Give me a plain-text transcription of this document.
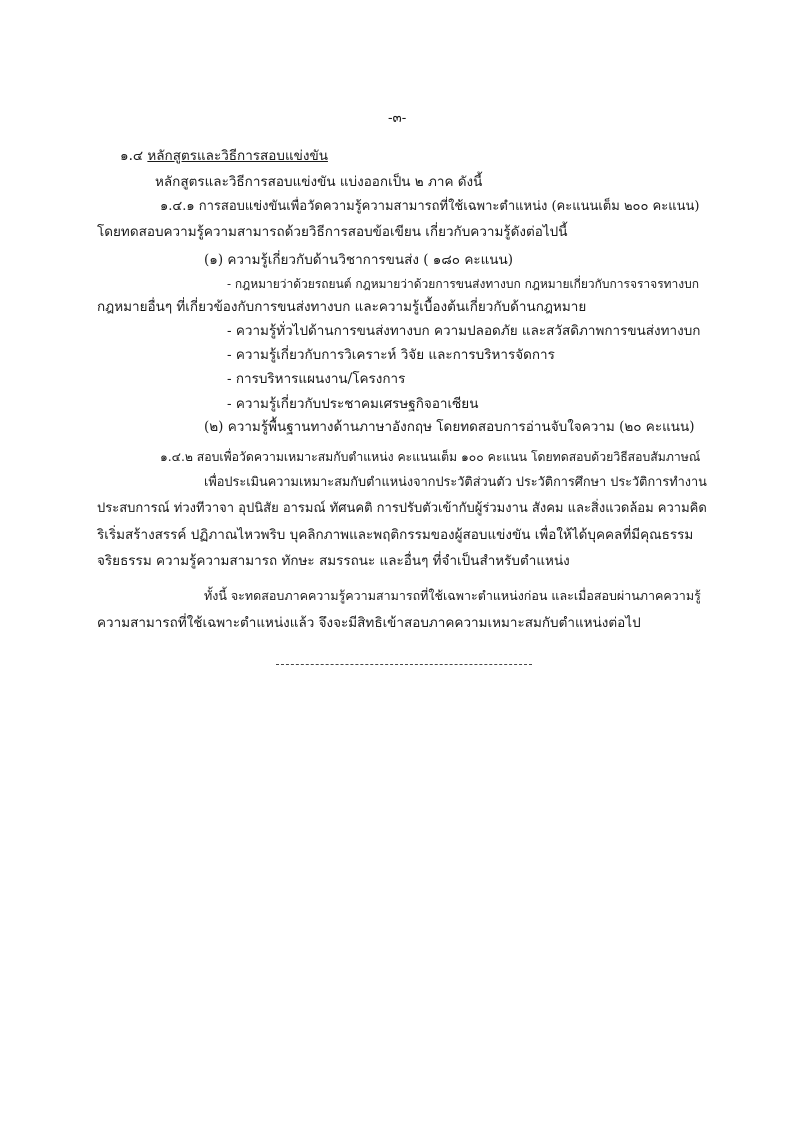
-๓-
๑.๔ หลักสูตรและวิธีการสอบแข่งขัน
หลักสูตรและวิธีการสอบแข่งขัน แบ่งออกเป็น ๒ ภาค ดังนี้
๑.๔.๑ การสอบแข่งขันเพื่อวัดความรู้ความสามารถที่ใช้เฉพาะตำแหน่ง (คะแนนเต็ม ๒๐๐ คะแนน)
โดยทดสอบความรู้ความสามารถด้วยวิธีการสอบข้อเขียน เกี่ยวกับความรู้ดังต่อไปนี้
(๑) ความรู้เกี่ยวกับด้านวิชาการขนส่ง ( ๑๘๐ คะแนน)
- กฎหมายว่าด้วยรถยนต์ กฎหมายว่าด้วยการขนส่งทางบก กฎหมายเกี่ยวกับการจราจรทางบก
กฎหมายอื่นๆ ที่เกี่ยวข้องกับการขนส่งทางบก และความรู้เบื้องต้นเกี่ยวกับด้านกฎหมาย
- ความรู้ทั่วไปด้านการขนส่งทางบก ความปลอดภัย และสวัสดิภาพการขนส่งทางบก
- ความรู้เกี่ยวกับการวิเคราะห์ วิจัย และการบริหารจัดการ
- การบริหารแผนงาน/โครงการ
- ความรู้เกี่ยวกับประชาคมเศรษฐกิจอาเซียน
(๒) ความรู้พื้นฐานทางด้านภาษาอังกฤษ โดยทดสอบการอ่านจับใจความ (๒๐ คะแนน)
๑.๔.๒ สอบเพื่อวัดความเหมาะสมกับตำแหน่ง คะแนนเต็ม ๑๐๐ คะแนน โดยทดสอบด้วยวิธีสอบสัมภาษณ์
เพื่อประเมินความเหมาะสมกับตำแหน่งจากประวัติส่วนตัว ประวัติการศึกษา ประวัติการทำงาน
ประสบการณ์ ท่วงทีวาจา อุปนิสัย อารมณ์ ทัศนคติ การปรับตัวเข้ากับผู้ร่วมงาน สังคม และสิ่งแวดล้อม ความคิด
ริเริ่มสร้างสรรค์ ปฏิภาณไหวพริบ บุคลิกภาพและพฤติกรรมของผู้สอบแข่งขัน เพื่อให้ได้บุคคลที่มีคุณธรรม
จริยธรรม ความรู้ความสามารถ ทักษะ สมรรถนะ และอื่นๆ ที่จำเป็นสำหรับตำแหน่ง
ทั้งนี้ จะทดสอบภาคความรู้ความสามารถที่ใช้เฉพาะตำแหน่งก่อน และเมื่อสอบผ่านภาคความรู้
ความสามารถที่ใช้เฉพาะตำแหน่งแล้ว จึงจะมีสิทธิเข้าสอบภาคความเหมาะสมกับตำแหน่งต่อไป
